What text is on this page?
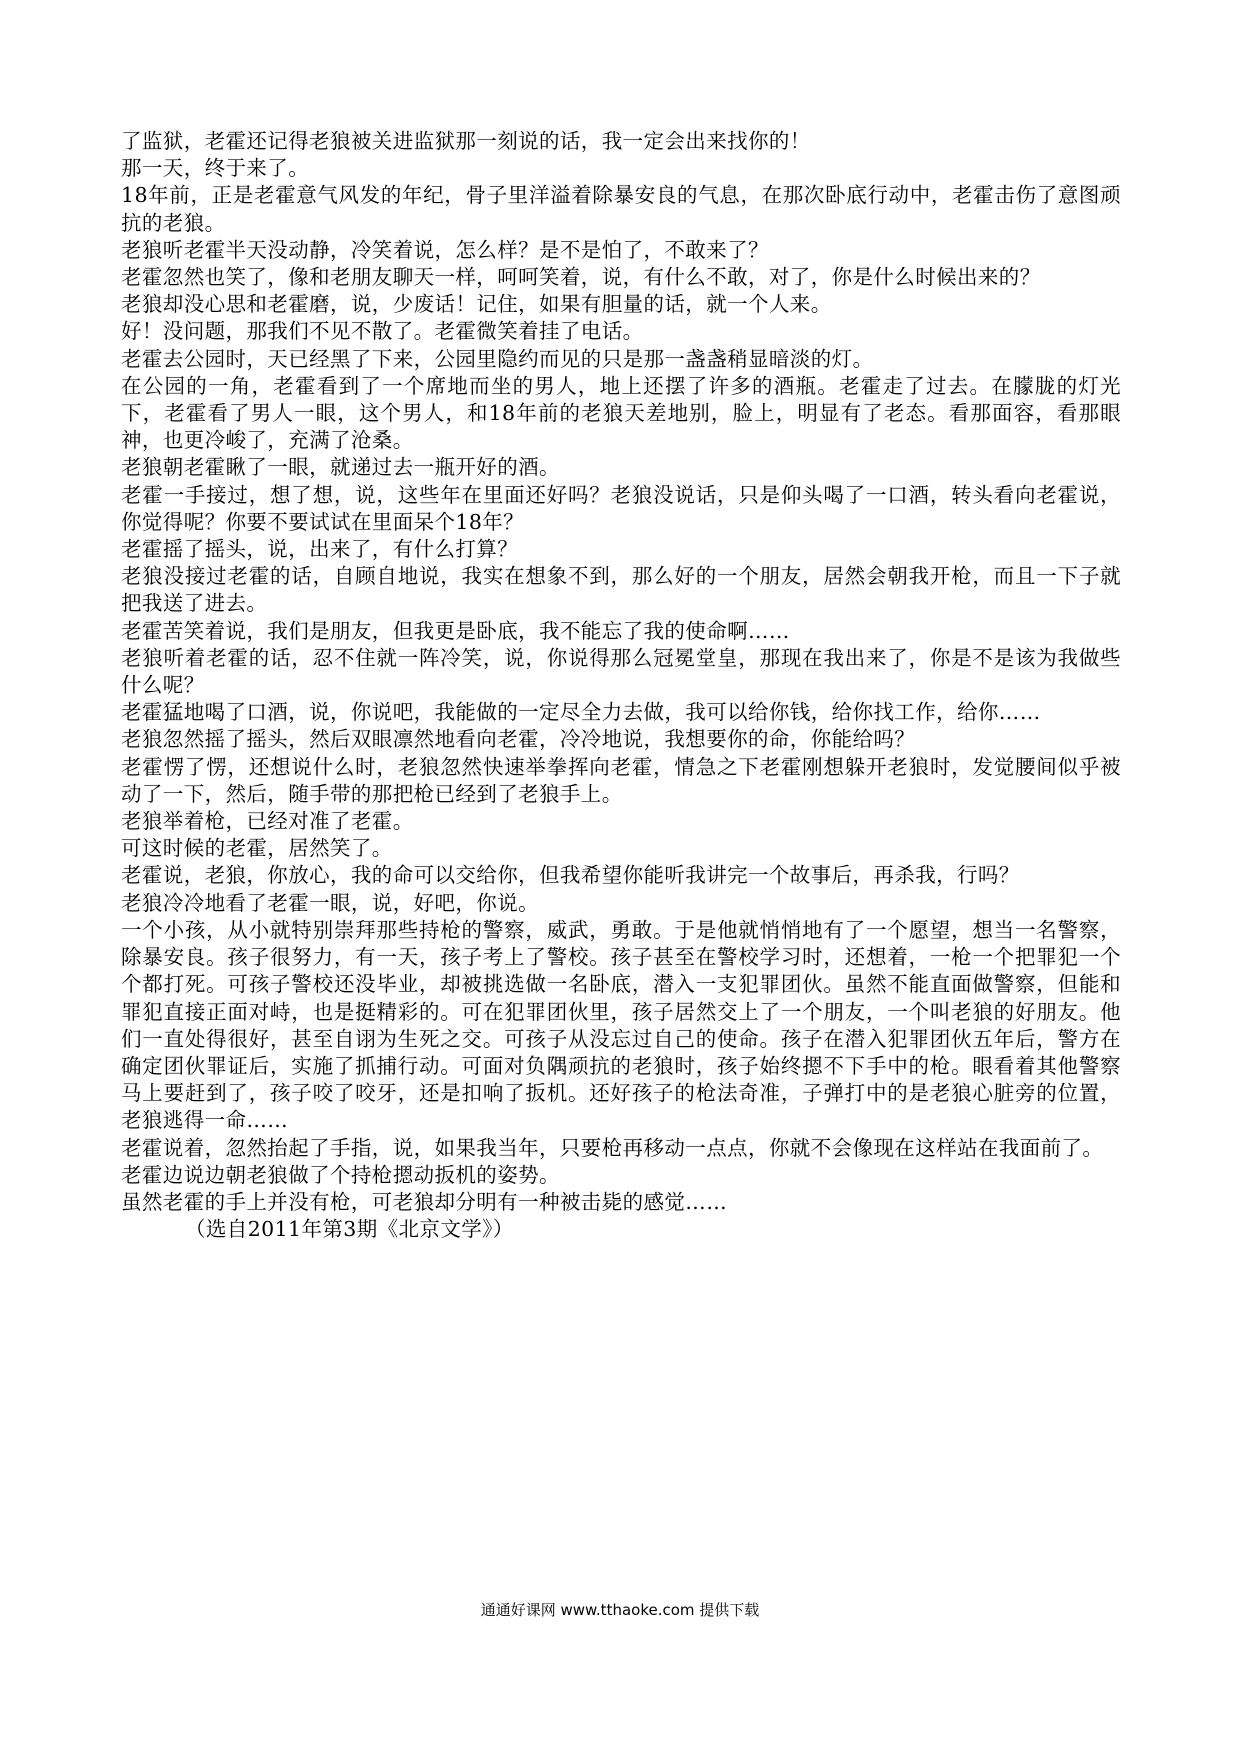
了监狱，老霍还记得老狼被关进监狱那一刻说的话，我一定会出来找你的！

那一天，终于来了。

18年前，正是老霍意气风发的年纪，骨子里洋溢着除暴安良的气息，在那次卧底行动中，老霍击伤了意图顽抗的老狼。

老狼听老霍半天没动静，冷笑着说，怎么样？是不是怕了，不敢来了？

老霍忽然也笑了，像和老朋友聊天一样，呵呵笑着，说，有什么不敢，对了，你是什么时候出来的？

老狼却没心思和老霍磨，说，少废话！记住，如果有胆量的话，就一个人来。

好！没问题，那我们不见不散了。老霍微笑着挂了电话。

老霍去公园时，天已经黑了下来，公园里隐约而见的只是那一盏盏稍显暗淡的灯。

在公园的一角，老霍看到了一个席地而坐的男人，地上还摆了许多的酒瓶。老霍走了过去。在朦胧的灯光下，老霍看了男人一眼，这个男人，和18年前的老狼天差地别，脸上，明显有了老态。看那面容，看那眼神，也更冷峻了，充满了沧桑。

老狼朝老霍瞅了一眼，就递过去一瓶开好的酒。

老霍一手接过，想了想，说，这些年在里面还好吗？老狼没说话，只是仰头喝了一口酒，转头看向老霍说，你觉得呢？你要不要试试在里面呆个18年？

老霍摇了摇头，说，出来了，有什么打算？

老狼没接过老霍的话，自顾自地说，我实在想象不到，那么好的一个朋友，居然会朝我开枪，而且一下子就把我送了进去。

老霍苦笑着说，我们是朋友，但我更是卧底，我不能忘了我的使命啊……

老狼听着老霍的话，忍不住就一阵冷笑，说，你说得那么冠冕堂皇，那现在我出来了，你是不是该为我做些什么呢？

老霍猛地喝了口酒，说，你说吧，我能做的一定尽全力去做，我可以给你钱，给你找工作，给你……

老狼忽然摇了摇头，然后双眼凛然地看向老霍，冷冷地说，我想要你的命，你能给吗？

老霍愣了愣，还想说什么时，老狼忽然快速举拳挥向老霍，情急之下老霍刚想躲开老狼时，发觉腰间似乎被动了一下，然后，随手带的那把枪已经到了老狼手上。

老狼举着枪，已经对准了老霍。

可这时候的老霍，居然笑了。

老霍说，老狼，你放心，我的命可以交给你，但我希望你能听我讲完一个故事后，再杀我，行吗？

老狼冷冷地看了老霍一眼，说，好吧，你说。

一个小孩，从小就特别崇拜那些持枪的警察，威武，勇敢。于是他就悄悄地有了一个愿望，想当一名警察，除暴安良。孩子很努力，有一天，孩子考上了警校。孩子甚至在警校学习时，还想着，一枪一个把罪犯一个个都打死。可孩子警校还没毕业，却被挑选做一名卧底，潜入一支犯罪团伙。虽然不能直面做警察，但能和罪犯直接正面对峙，也是挺精彩的。可在犯罪团伙里，孩子居然交上了一个朋友，一个叫老狼的好朋友。他们一直处得很好，甚至自诩为生死之交。可孩子从没忘过自己的使命。孩子在潜入犯罪团伙五年后，警方在确定团伙罪证后，实施了抓捕行动。可面对负隅顽抗的老狼时，孩子始终摁不下手中的枪。眼看着其他警察马上要赶到了，孩子咬了咬牙，还是扣响了扳机。还好孩子的枪法奇准，子弹打中的是老狼心脏旁的位置，老狼逃得一命……

老霍说着，忽然抬起了手指，说，如果我当年，只要枪再移动一点点，你就不会像现在这样站在我面前了。

老霍边说边朝老狼做了个持枪摁动扳机的姿势。

虽然老霍的手上并没有枪，可老狼却分明有一种被击毙的感觉……

（选自2011年第3期《北京文学》）

通通好课网 www.tthaoke.com 提供下载
